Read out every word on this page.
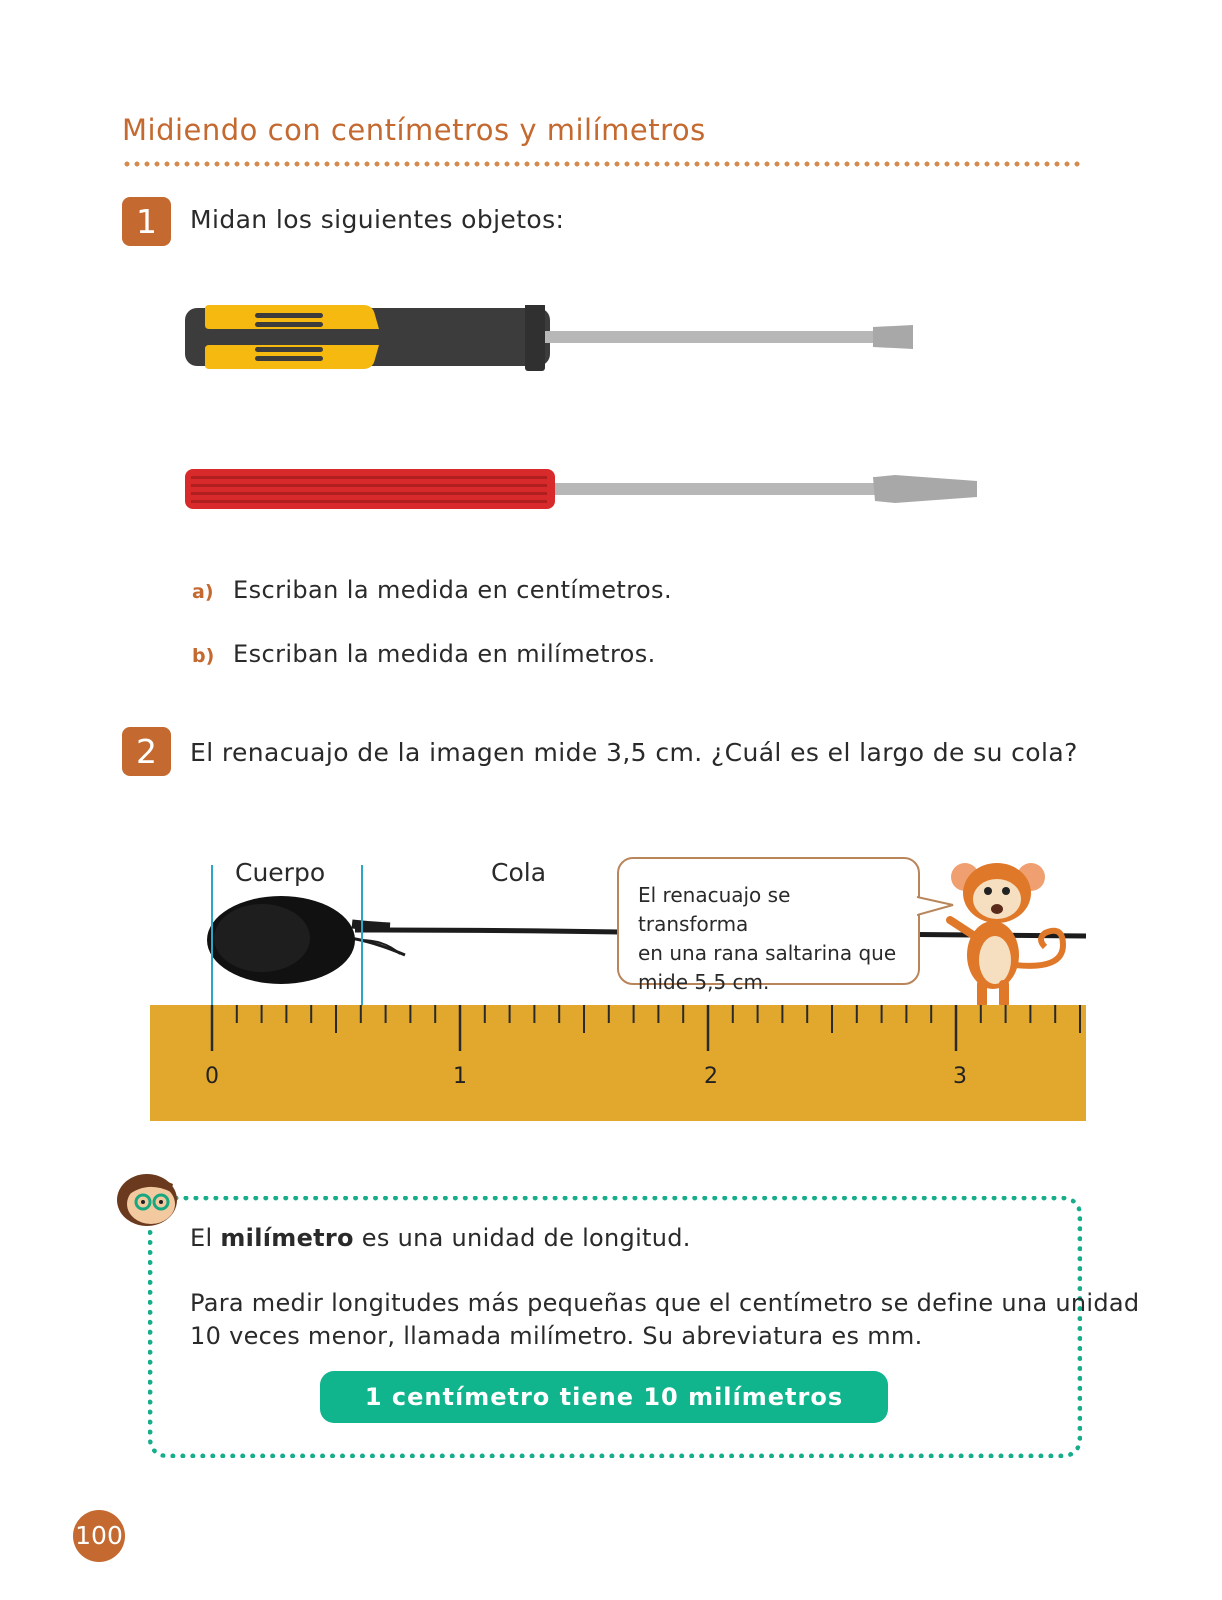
Midiendo con centímetros y milímetros
1	Midan los siguientes objetos:
a) Escriban la medida en centímetros.
b) Escriban la medida en milímetros.
2	El renacuajo de la imagen mide 3,5 cm. ¿Cuál es el largo de su cola?
Cuerpo	Cola
El renacuajo se transforma
en una rana saltarina que
mide 5,5 cm.
0	1	2	3
El milímetro es una unidad de longitud.
Para medir longitudes más pequeñas que el centímetro se define una unidad
10 veces menor, llamada milímetro. Su abreviatura es mm.
1 centímetro tiene 10 milímetros
100
